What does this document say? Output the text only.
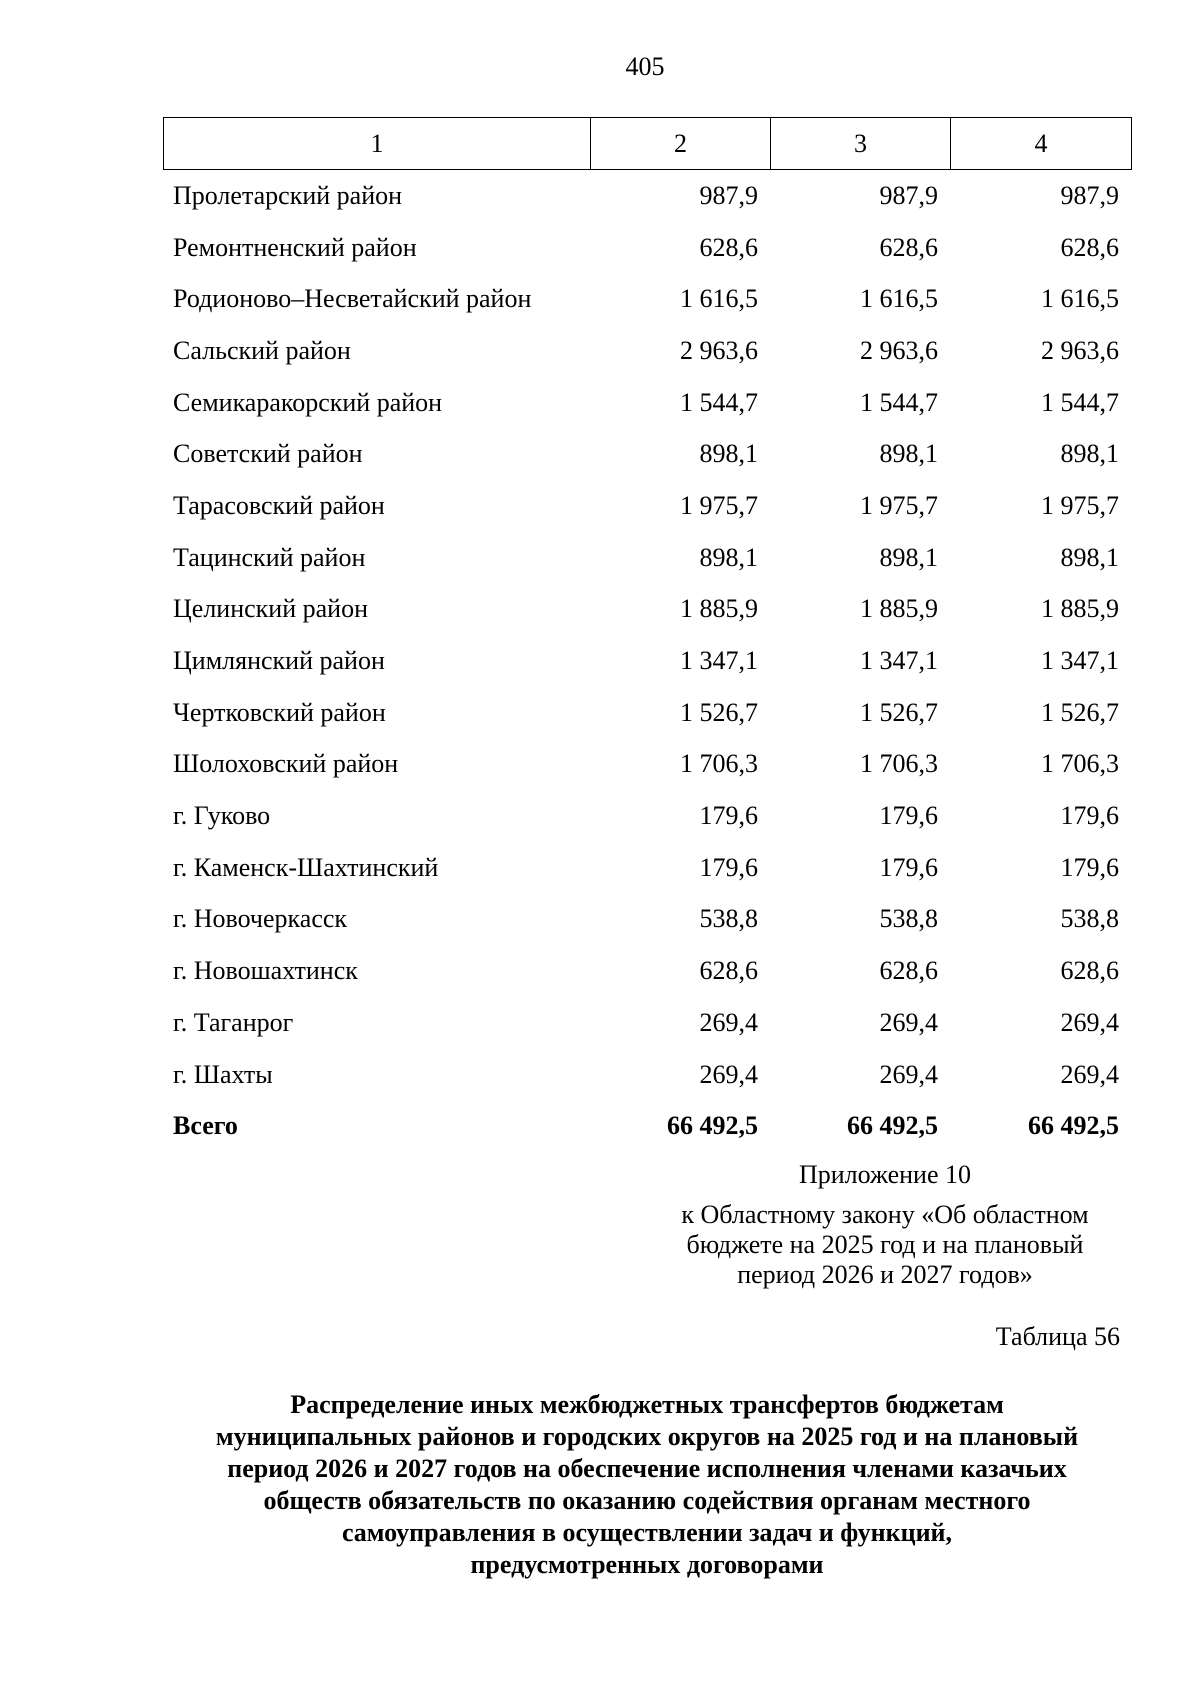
405
1	2	3	4
Пролетарский район	987,9	987,9	987,9
Ремонтненский район	628,6	628,6	628,6
Родионово–Несветайский район	1 616,5	1 616,5	1 616,5
Сальский район	2 963,6	2 963,6	2 963,6
Семикаракорский район	1 544,7	1 544,7	1 544,7
Советский район	898,1	898,1	898,1
Тарасовский район	1 975,7	1 975,7	1 975,7
Тацинский район	898,1	898,1	898,1
Целинский район	1 885,9	1 885,9	1 885,9
Цимлянский район	1 347,1	1 347,1	1 347,1
Чертковский район	1 526,7	1 526,7	1 526,7
Шолоховский район	1 706,3	1 706,3	1 706,3
г. Гуково	179,6	179,6	179,6
г. Каменск-Шахтинский	179,6	179,6	179,6
г. Новочеркасск	538,8	538,8	538,8
г. Новошахтинск	628,6	628,6	628,6
г. Таганрог	269,4	269,4	269,4
г. Шахты	269,4	269,4	269,4
Всего	66 492,5	66 492,5	66 492,5
Приложение 10
к Областному закону «Об областном
бюджете на 2025 год и на плановый
период 2026 и 2027 годов»
Таблица 56
Распределение иных межбюджетных трансфертов бюджетам
муниципальных районов и городских округов на 2025 год и на плановый
период 2026 и 2027 годов на обеспечение исполнения членами казачьих
обществ обязательств по оказанию содействия органам местного
самоуправления в осуществлении задач и функций,
предусмотренных договорами
